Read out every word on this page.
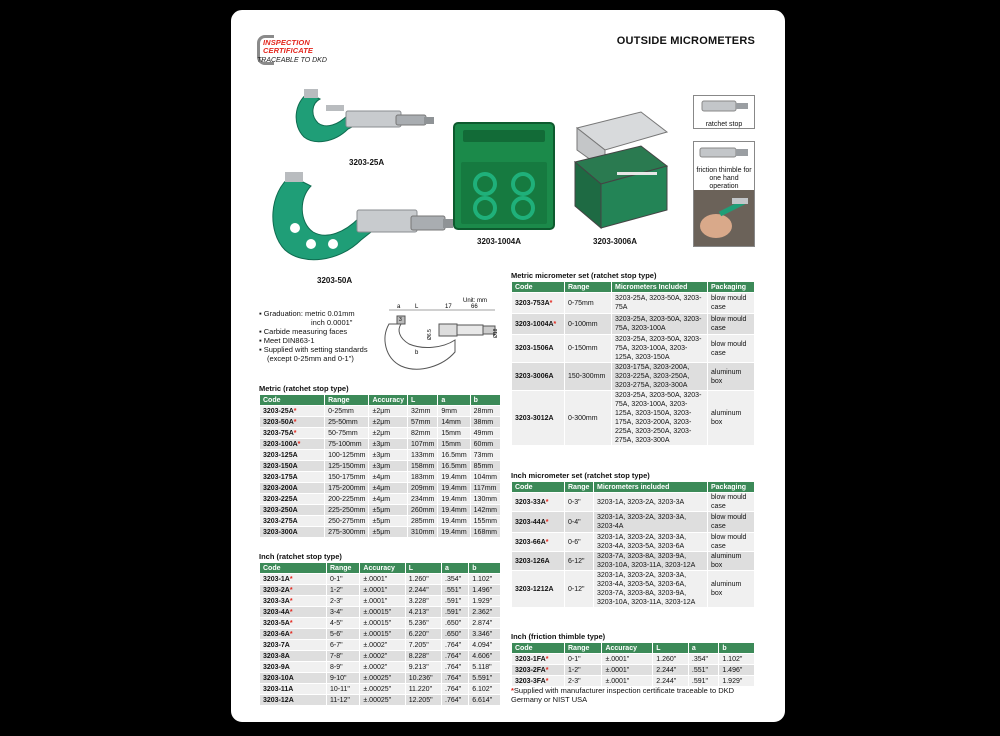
INSPECTION
CERTIFICATE
TRACEABLE TO DKD
OUTSIDE MICROMETERS
3203-25A
3203-50A
3203-1004A	3203-3006A
ratchet stop
friction thimble for one hand operation
▪ Graduation: metric 0.01mm
inch 0.0001"
▪ Carbide measuring faces
▪ Meet DIN863-1
▪ Supplied with setting standards
(except 0-25mm and 0-1")
Unit: mm
a L	17	66
3
Ø6.5
b
Ø18
Metric (ratchet stop type)
Code	Range	Accuracy	L	a	b
3203-25A*	0-25mm	±2μm	32mm	9mm	28mm
3203-50A*	25-50mm	±2μm	57mm	14mm	38mm
3203-75A*	50-75mm	±2μm	82mm	15mm	49mm
3203-100A*	75-100mm	±3μm	107mm	15mm	60mm
3203-125A	100-125mm	±3μm	133mm	16.5mm	73mm
3203-150A	125-150mm	±3μm	158mm	16.5mm	85mm
3203-175A	150-175mm	±4μm	183mm	19.4mm	104mm
3203-200A	175-200mm	±4μm	209mm	19.4mm	117mm
3203-225A	200-225mm	±4μm	234mm	19.4mm	130mm
3203-250A	225-250mm	±5μm	260mm	19.4mm	142mm
3203-275A	250-275mm	±5μm	285mm	19.4mm	155mm
3203-300A	275-300mm	±5μm	310mm	19.4mm	168mm
Inch (ratchet stop type)
Code	Range	Accuracy	L	a	b
3203-1A*	0-1"	±.0001"	1.260"	.354"	1.102"
3203-2A*	1-2"	±.0001"	2.244"	.551"	1.496"
3203-3A*	2-3"	±.0001"	3.228"	.591"	1.929"
3203-4A*	3-4"	±.00015"	4.213"	.591"	2.362"
3203-5A*	4-5"	±.00015"	5.236"	.650"	2.874"
3203-6A*	5-6"	±.00015"	6.220"	.650"	3.346"
3203-7A	6-7"	±.0002"	7.205"	.764"	4.094"
3203-8A	7-8"	±.0002"	8.228"	.764"	4.606"
3203-9A	8-9"	±.0002"	9.213"	.764"	5.118"
3203-10A	9-10"	±.00025"	10.236"	.764"	5.591"
3203-11A	10-11"	±.00025"	11.220"	.764"	6.102"
3203-12A	11-12"	±.00025"	12.205"	.764"	6.614"
Metric micrometer set (ratchet stop type)
Code	Range	Micrometers Included	Packaging
3203-753A*	0-75mm	3203-25A, 3203-50A, 3203-75A	blow mould case
3203-1004A*	0-100mm	3203-25A, 3203-50A, 3203-75A, 3203-100A	blow mould case
3203-1506A	0-150mm	3203-25A, 3203-50A, 3203-75A, 3203-100A, 3203-125A, 3203-150A	blow mould case
3203-3006A	150-300mm	3203-175A, 3203-200A, 3203-225A, 3203-250A, 3203-275A, 3203-300A	aluminum box
3203-3012A	0-300mm	3203-25A, 3203-50A, 3203-75A, 3203-100A, 3203-125A, 3203-150A, 3203-175A, 3203-200A, 3203-225A, 3203-250A, 3203-275A, 3203-300A	aluminum box
Inch micrometer set (ratchet stop type)
Code	Range	Micrometers included	Packaging
3203-33A*	0-3"	3203-1A, 3203-2A, 3203-3A	blow mould case
3203-44A*	0-4"	3203-1A, 3203-2A, 3203-3A, 3203-4A	blow mould case
3203-66A*	0-6"	3203-1A, 3203-2A, 3203-3A, 3203-4A, 3203-5A, 3203-6A	blow mould case
3203-126A	6-12"	3203-7A, 3203-8A, 3203-9A, 3203-10A, 3203-11A, 3203-12A	aluminum box
3203-1212A	0-12"	3203-1A, 3203-2A, 3203-3A, 3203-4A, 3203-5A, 3203-6A, 3203-7A, 3203-8A, 3203-9A, 3203-10A, 3203-11A, 3203-12A	aluminum box
Inch (friction thimble type)
Code	Range	Accuracy	L	a	b
3203-1FA*	0-1"	±.0001"	1.260"	.354"	1.102"
3203-2FA*	1-2"	±.0001"	2.244"	.551"	1.496"
3203-3FA*	2-3"	±.0001"	2.244"	.591"	1.929"
*Supplied with manufacturer inspection certificate traceable to DKD Germany or NIST USA
